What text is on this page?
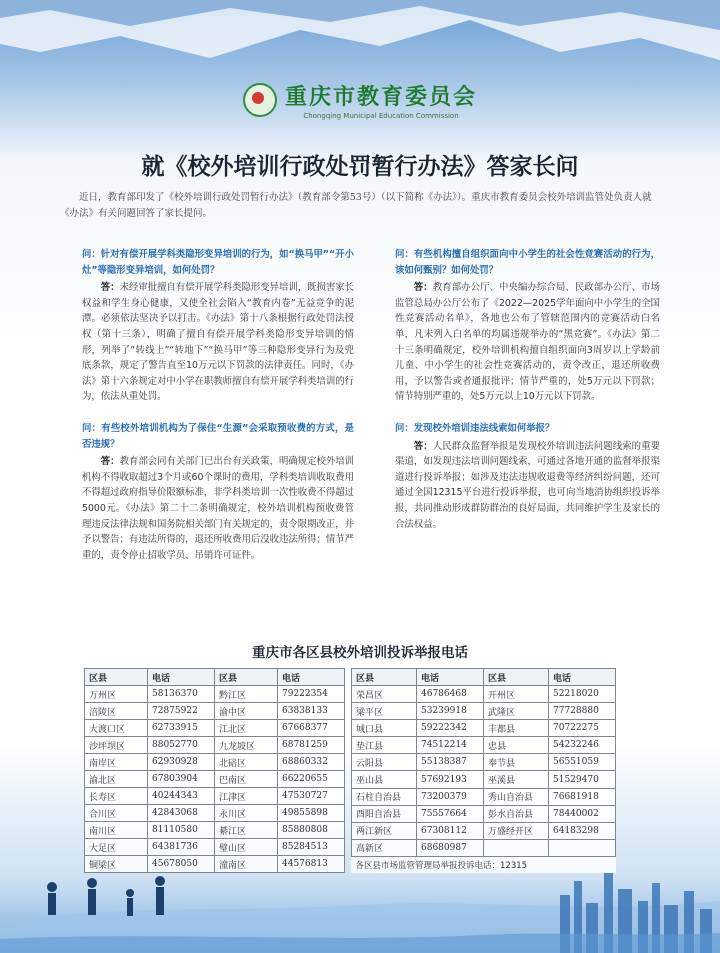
重庆市教育委员会
Chongqing Municipal Education Commission
就《校外培训行政处罚暂行办法》答家长问
近日，教育部印发了《校外培训行政处罚暂行办法》（教育部令第53号）（以下简称《办法》）。重庆市教育委员会校外培训监管处负责人就《办法》有关问题回答了家长提问。
问：针对有偿开展学科类隐形变异培训的行为，如“换马甲”“开小灶”等隐形变异培训，如何处罚？
答：未经审批擅自有偿开展学科类隐形变异培训，既损害家长权益和学生身心健康，又使全社会陷入“教育内卷”无益竞争的泥潭。必须依法坚决予以打击。《办法》第十八条根据行政处罚法授权（第十三条），明确了擅自有偿开展学科类隐形变异培训的情形，列举了“转线上”“转地下”“换马甲”等三种隐形变异行为及兜底条款，规定了警告直至10万元以下罚款的法律责任。同时，《办法》第十六条规定对中小学在职教师擅自有偿开展学科类培训的行为，依法从重处罚。
问：有些校外培训机构为了保住“生源”会采取预收费的方式，是否违规？
答：教育部会同有关部门已出台有关政策，明确规定校外培训机构不得收取超过3个月或60个课时的费用，学科类培训收取费用不得超过政府指导价限额标准，非学科类培训一次性收费不得超过5000元。《办法》第二十二条明确规定，校外培训机构预收费管理违反法律法规和国务院相关部门有关规定的，责令限期改正，并予以警告；有违法所得的，退还所收费用后没收违法所得；情节严重的，责令停止招收学员、吊销许可证件。
问：有些机构擅自组织面向中小学生的社会性竞赛活动的行为，该如何甄别？如何处罚？
答：教育部办公厅、中央编办综合局、民政部办公厅、市场监管总局办公厅公布了《2022—2025学年面向中小学生的全国性竞赛活动名单》，各地也公布了管辖范围内的竞赛活动白名单，凡未列入白名单的均属违规举办的“黑竞赛”。《办法》第二十三条明确规定，校外培训机构擅自组织面向3周岁以上学龄前儿童、中小学生的社会性竞赛活动的，责令改正，退还所收费用，予以警告或者通报批评；情节严重的，处5万元以下罚款；情节特别严重的，处5万元以上10万元以下罚款。
问：发现校外培训违法线索如何举报？
答：人民群众监督举报是发现校外培训违法问题线索的重要渠道，如发现违法培训问题线索，可通过各地开通的监督举报渠道进行投诉举报；如涉及违法违规收退费等经济纠纷问题，还可通过全国12315平台进行投诉举报，也可向当地消协组织投诉举报，共同推动形成群防群治的良好局面，共同维护学生及家长的合法权益。
重庆市各区县校外培训投诉举报电话
区县	电话	区县	电话
万州区	58136370	黔江区	79222354
涪陵区	72875922	渝中区	63838133
大渡口区	62733915	江北区	67668377
沙坪坝区	88052770	九龙坡区	68781259
南岸区	62930928	北碚区	68860332
渝北区	67803904	巴南区	66220655
长寿区	40244343	江津区	47530727
合川区	42843068	永川区	49855898
南川区	81110580	綦江区	85880808
大足区	64381736	璧山区	85284513
铜梁区	45678050	潼南区	44576813
区县	电话	区县	电话
荣昌区	46786468	开州区	52218020
梁平区	53239918	武隆区	77728880
城口县	59222342	丰都县	70722275
垫江县	74512214	忠县	54232246
云阳县	55138387	奉节县	56551059
巫山县	57692193	巫溪县	51529470
石柱自治县	73200379	秀山自治县	76681918
酉阳自治县	75557664	彭水自治县	78440002
两江新区	67308112	万盛经开区	64183298
高新区	68680987		
各区县市场监管管理局举报投诉电话：12315			
